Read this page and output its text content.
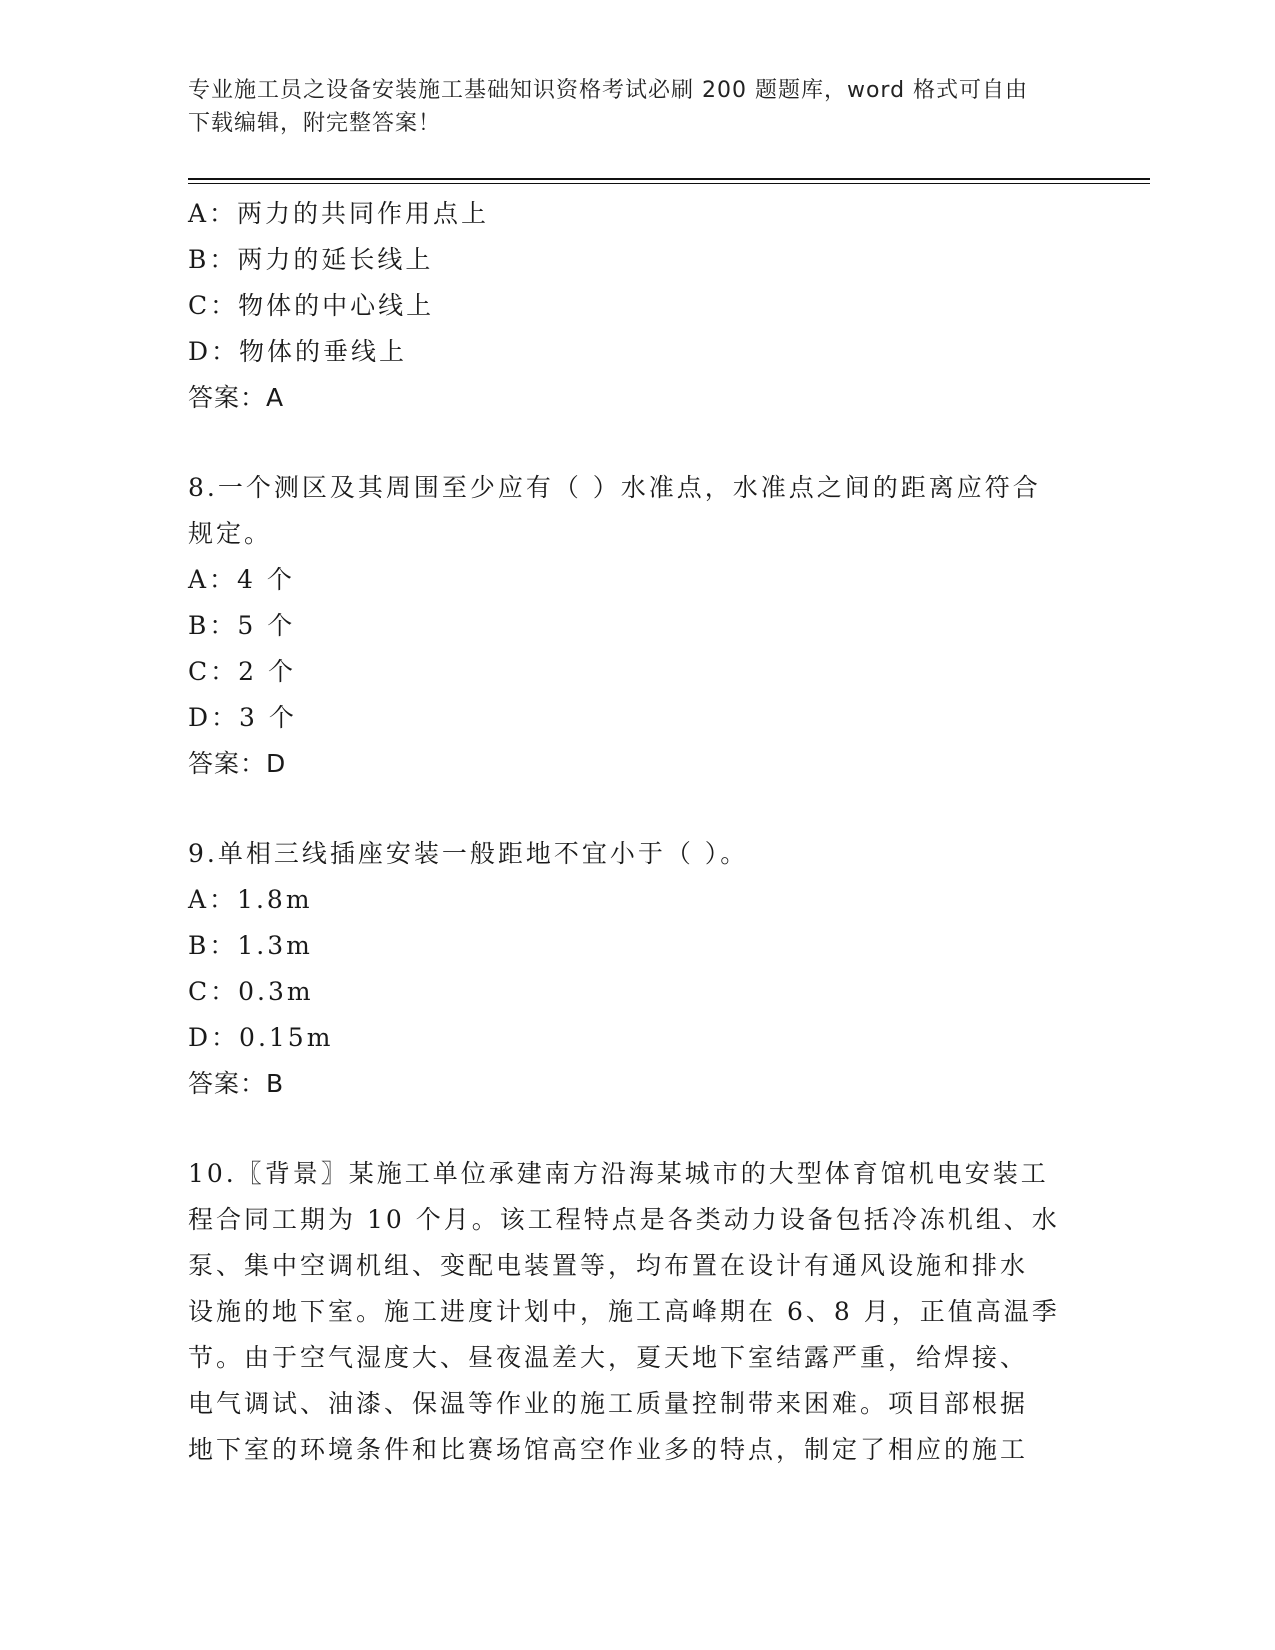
专业施工员之设备安装施工基础知识资格考试必刷 200 题题库，word 格式可自由
下载编辑，附完整答案！
A：两力的共同作用点上
B：两力的延长线上
C：物体的中心线上
D：物体的垂线上
答案：A
8.一个测区及其周围至少应有（ ）水准点，水准点之间的距离应符合
规定。
A：4 个
B：5 个
C：2 个
D：3 个
答案：D
9.单相三线插座安装一般距地不宜小于（ ）。
A：1.8m
B：1.3m
C：0.3m
D：0.15m
答案：B
10.〖背景〗某施工单位承建南方沿海某城市的大型体育馆机电安装工
程合同工期为 10 个月。该工程特点是各类动力设备包括冷冻机组、水
泵、集中空调机组、变配电装置等，均布置在设计有通风设施和排水
设施的地下室。施工进度计划中，施工高峰期在 6、8 月，正值高温季
节。由于空气湿度大、昼夜温差大，夏天地下室结露严重，给焊接、
电气调试、油漆、保温等作业的施工质量控制带来困难。项目部根据
地下室的环境条件和比赛场馆高空作业多的特点，制定了相应的施工
